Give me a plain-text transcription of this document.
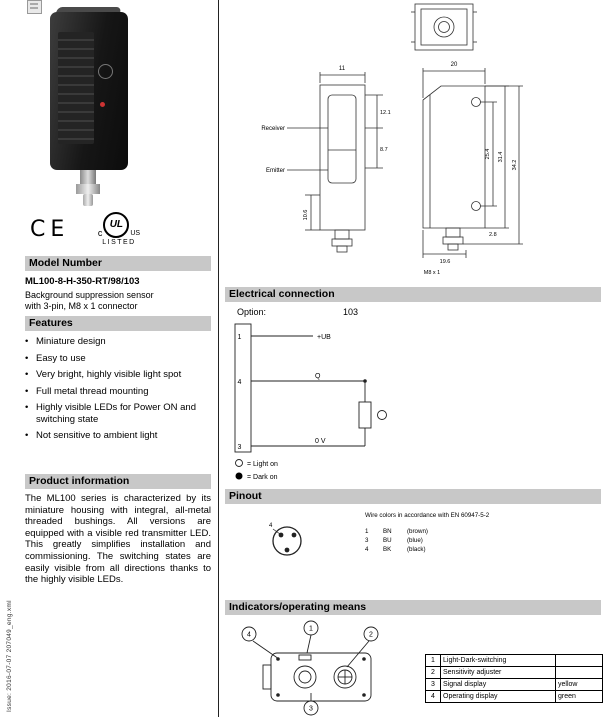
Issue: 2016-07-07 207049_eng.xml
CE	c
UL
US
LISTED
Model Number
ML100-8-H-350-RT/98/103
Background suppression sensor
with 3-pin, M8 x 1 connector
Features
• Miniature design
• Easy to use
• Very bright, highly visible light spot
• Full metal thread mounting
• Highly visible LEDs for Power ON and switching state
• Not sensitive to ambient light
Product information
The ML100 series is characterized by its miniature housing with integral, all-metal threaded bushings. All versions are equipped with a visible red transmitter LED. This greatly simplifies installation and commissioning. The switching states are easily visible from all directions thanks to the highly visible LEDs.
11
12.1
8.7
10.6
Receiver
Emitter
20
25.4 31.4
34.2
2.8
19.6
M8 x 1
Electrical connection
Option:	103
1	+UB
4
Q
3
0 V
= Light on
= Dark on
Pinout
4
Wire colors in accordance with EN 60947-5-2
1 BN (brown)
3 BU (blue)
4 BK	(black)
Indicators/operating means
4
1
2
3
1	Light-Dark-switching	
2	Sensitivity adjuster	
3	Signal display	yellow
4	Operating display	green
